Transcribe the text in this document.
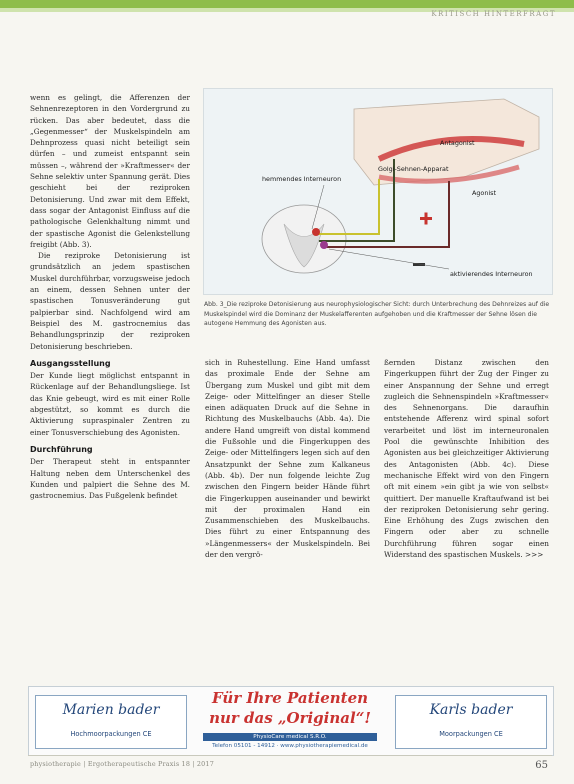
KRITISCH HINTERFRAGT

wenn es gelingt, die Afferenzen der Sehnenrezeptoren in den Vordergrund zu rücken. Das aber bedeutet, dass die „Gegenmesser“ der Muskelspindeln am Dehnprozess quasi nicht beteiligt sein dürfen – und zumeist entspannt sein müssen –, während der »Kraftmesser« der Sehne selektiv unter Spannung gerät. Dies geschieht bei der reziproken Detonisierung. Und zwar mit dem Effekt, dass sogar der Antagonist Einfluss auf die pathologische Gelenkhaltung nimmt und der spastische Agonist die Gelenkstellung freigibt (Abb. 3).

Die reziproke Detonisierung ist grundsätzlich an jedem spastischen Muskel durchführbar, vorzugsweise jedoch an einem, dessen Sehnen unter der spastischen Tonusveränderung gut palpierbar sind. Nachfolgend wird am Beispiel des M. gastrocnemius das Behandlungsprinzip der reziproken Detonisierung beschrieben.

Ausgangsstellung

Der Kunde liegt möglichst entspannt in Rückenlage auf der Behandlungsliege. Ist das Knie gebeugt, wird es mit einer Rolle abgestützt, so kommt es durch die Aktivierung supraspinaler Zentren zu einer Tonusverschiebung des Agonisten.

Durchführung

Der Therapeut steht in entspannter Haltung neben dem Unterschenkel des Kunden und palpiert die Sehne des M. gastrocnemius. Das Fußgelenk befindet

Antagonist
Golgi-Sehnen-Apparat
Agonist
hemmendes Interneuron
aktivierendes Interneuron
Abb. 3_Die reziproke Detonisierung aus neurophysiologischer Sicht: durch Unterbrechung des Dehnreizes auf die Muskelspindel wird die Dominanz der Muskelafferenten aufgehoben und die Kraftmesser der Sehne lösen die autogene Hemmung des Agonisten aus.

sich in Ruhestellung. Eine Hand umfasst das proximale Ende der Sehne am Übergang zum Muskel und gibt mit dem Zeige- oder Mittelfinger an dieser Stelle einen adäquaten Druck auf die Sehne in Richtung des Muskelbauchs (Abb. 4a). Die andere Hand umgreift von distal kommend die Fußsohle und die Fingerkuppen des Zeige- oder Mittelfingers legen sich auf den Ansatzpunkt der Sehne zum Kalkaneus (Abb. 4b). Der nun folgende leichte Zug zwischen den Fingern beider Hände führt die Fingerkuppen auseinander und bewirkt mit der proximalen Hand ein Zusammenschieben des Muskelbauchs. Dies führt zu einer Entspannung des »Längenmessers« der Muskelspindeln. Bei der den vergrö-

ßernden Distanz zwischen den Fingerkuppen führt der Zug der Finger zu einer Anspannung der Sehne und erregt zugleich die Sehnenspindeln »Kraftmesser« des Sehnenorgans. Die daraufhin entstehende Afferenz wird spinal sofort verarbeitet und löst im interneuronalen Pool die gewünschte Inhibition des Agonisten aus bei gleichzeitiger Aktivierung des Antagonisten (Abb. 4c). Diese mechanische Effekt wird von den Fingern oft mit einem »ein gibt ja wie von selbst« quittiert. Der manuelle Kraftaufwand ist bei der reziproken Detonisierung sehr gering. Eine Erhöhung des Zugs zwischen den Fingern oder aber zu schnelle Durchführung führen sogar einen Widerstand des spastischen Muskels. >>>

Marien bader
Hochmoorpackungen CE
Für Ihre Patienten
nur das „Original“!
PhysioCare medical S.R.O.
Telefon 05101 - 14912 · www.physiotherapiemedical.de
Karls bader
Moorpackungen CE
physiotherapie | Ergotherapeutische Praxis 18 | 2017	65
